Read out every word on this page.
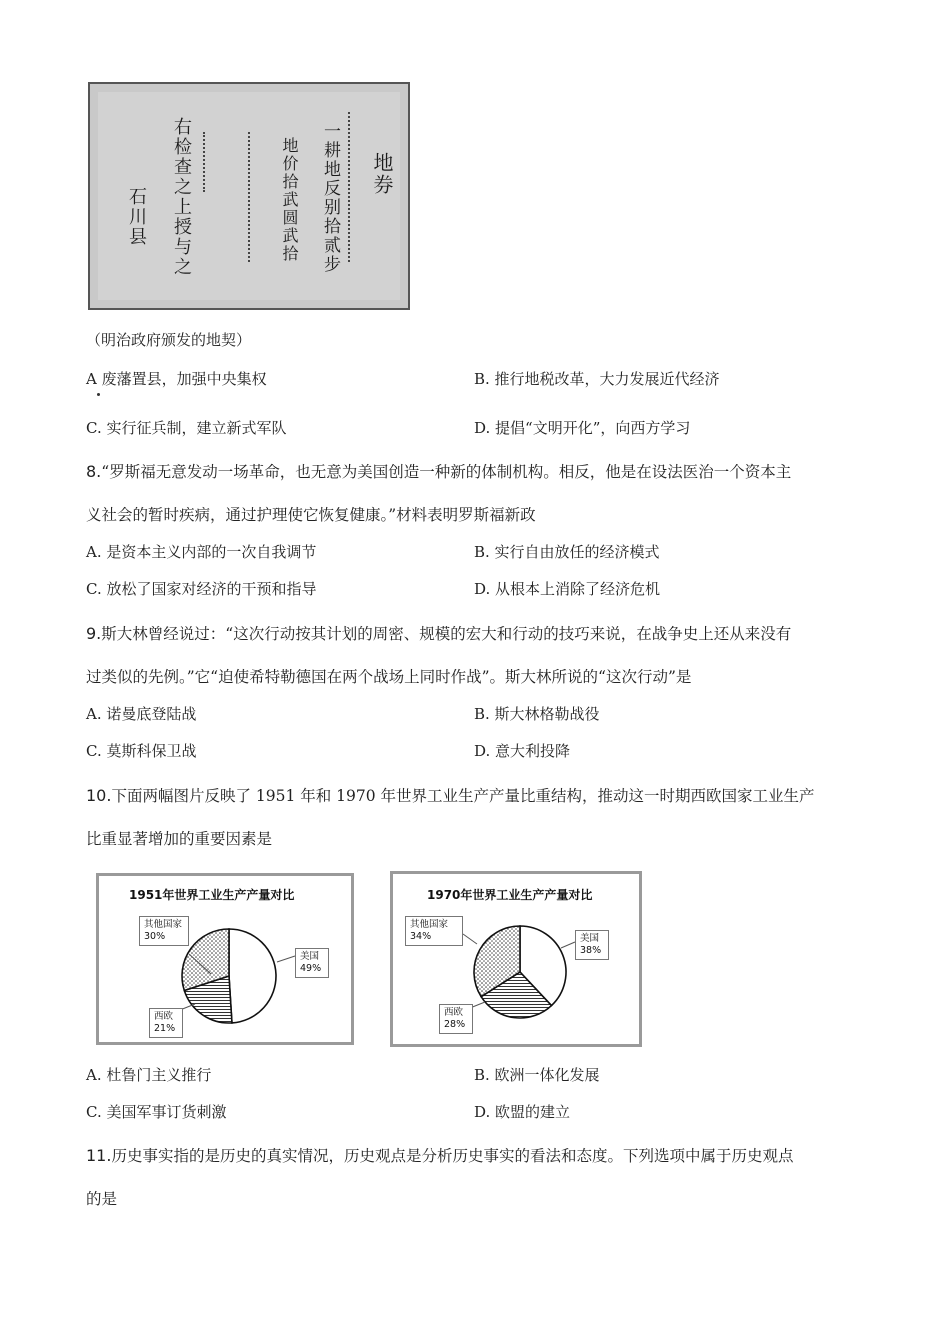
地券
一耕地反别拾贰步
地价拾武圆武拾
右检查之上授与之
石川县
（明治政府颁发的地契）
A 废藩置县，加强中央集权	B. 推行地税改革，大力发展近代经济
C. 实行征兵制，建立新式军队	D. 提倡“文明开化”，向西方学习
8.“罗斯福无意发动一场革命，也无意为美国创造一种新的体制机构。相反，他是在设法医治一个资本主
义社会的暂时疾病，通过护理使它恢复健康。”材料表明罗斯福新政
A. 是资本主义内部的一次自我调节	B. 实行自由放任的经济模式
C. 放松了国家对经济的干预和指导	D. 从根本上消除了经济危机
9.斯大林曾经说过：“这次行动按其计划的周密、规模的宏大和行动的技巧来说，在战争史上还从来没有
过类似的先例。”它“迫使希特勒德国在两个战场上同时作战”。斯大林所说的“这次行动”是
A. 诺曼底登陆战	B. 斯大林格勒战役
C. 莫斯科保卫战	D. 意大利投降
10.下面两幅图片反映了 1951 年和 1970 年世界工业生产产量比重结构，推动这一时期西欧国家工业生产
比重显著增加的重要因素是
1951年世界工业生产产量对比
其他国家
30%
美国
49%
西欧
21%
1970年世界工业生产产量对比
其他国家
34%	美国
38%
西欧
28%
A. 杜鲁门主义推行	B. 欧洲一体化发展
C. 美国军事订货刺激	D. 欧盟的建立
11.历史事实指的是历史的真实情况，历史观点是分析历史事实的看法和态度。下列选项中属于历史观点
的是
